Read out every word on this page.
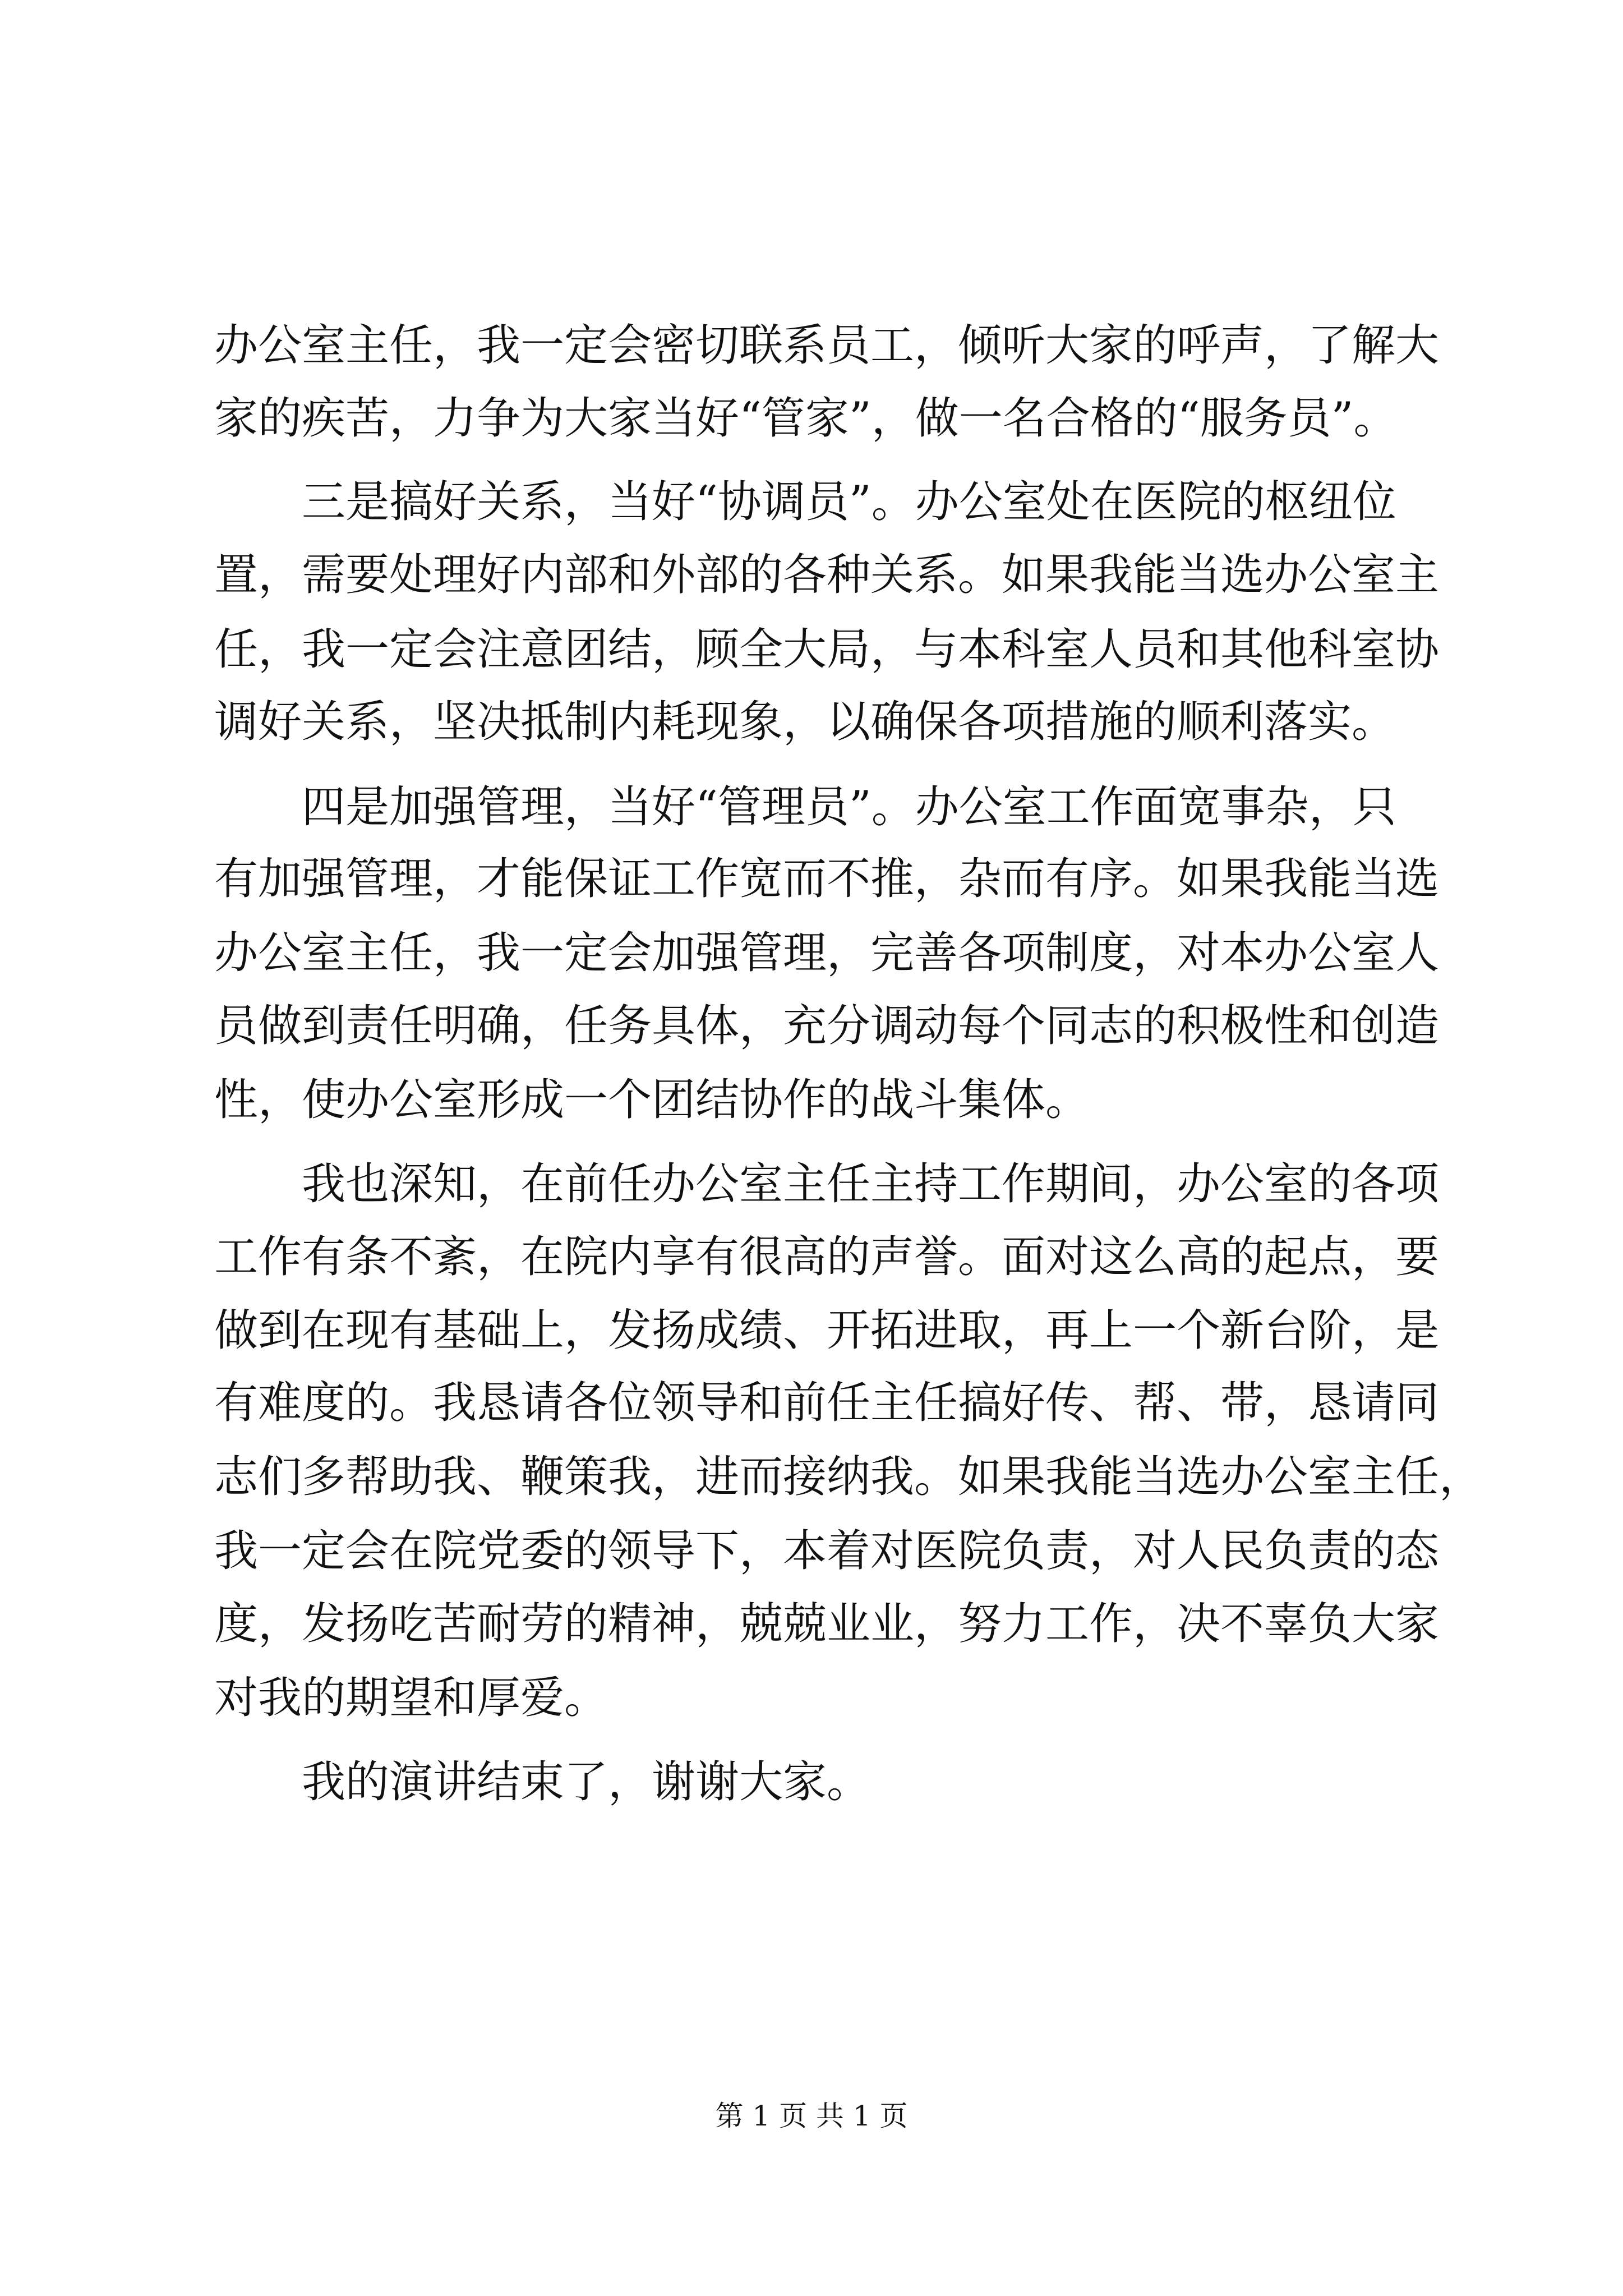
办公室主任，我一定会密切联系员工，倾听大家的呼声，了解大
家的疾苦，力争为大家当好“管家”，做一名合格的“服务员”。
三是搞好关系，当好“协调员”。办公室处在医院的枢纽位
置，需要处理好内部和外部的各种关系。如果我能当选办公室主
任，我一定会注意团结，顾全大局，与本科室人员和其他科室协
调好关系，坚决抵制内耗现象，以确保各项措施的顺利落实。
四是加强管理，当好“管理员”。办公室工作面宽事杂，只
有加强管理，才能保证工作宽而不推，杂而有序。如果我能当选
办公室主任，我一定会加强管理，完善各项制度，对本办公室人
员做到责任明确，任务具体，充分调动每个同志的积极性和创造
性，使办公室形成一个团结协作的战斗集体。
我也深知，在前任办公室主任主持工作期间，办公室的各项
工作有条不紊，在院内享有很高的声誉。面对这么高的起点，要
做到在现有基础上，发扬成绩、开拓进取，再上一个新台阶，是
有难度的。我恳请各位领导和前任主任搞好传、帮、带，恳请同
志们多帮助我、鞭策我，进而接纳我。如果我能当选办公室主任，
我一定会在院党委的领导下，本着对医院负责，对人民负责的态
度，发扬吃苦耐劳的精神，兢兢业业，努力工作，决不辜负大家
对我的期望和厚爱。
我的演讲结束了，谢谢大家。
第 1 页 共 1 页
